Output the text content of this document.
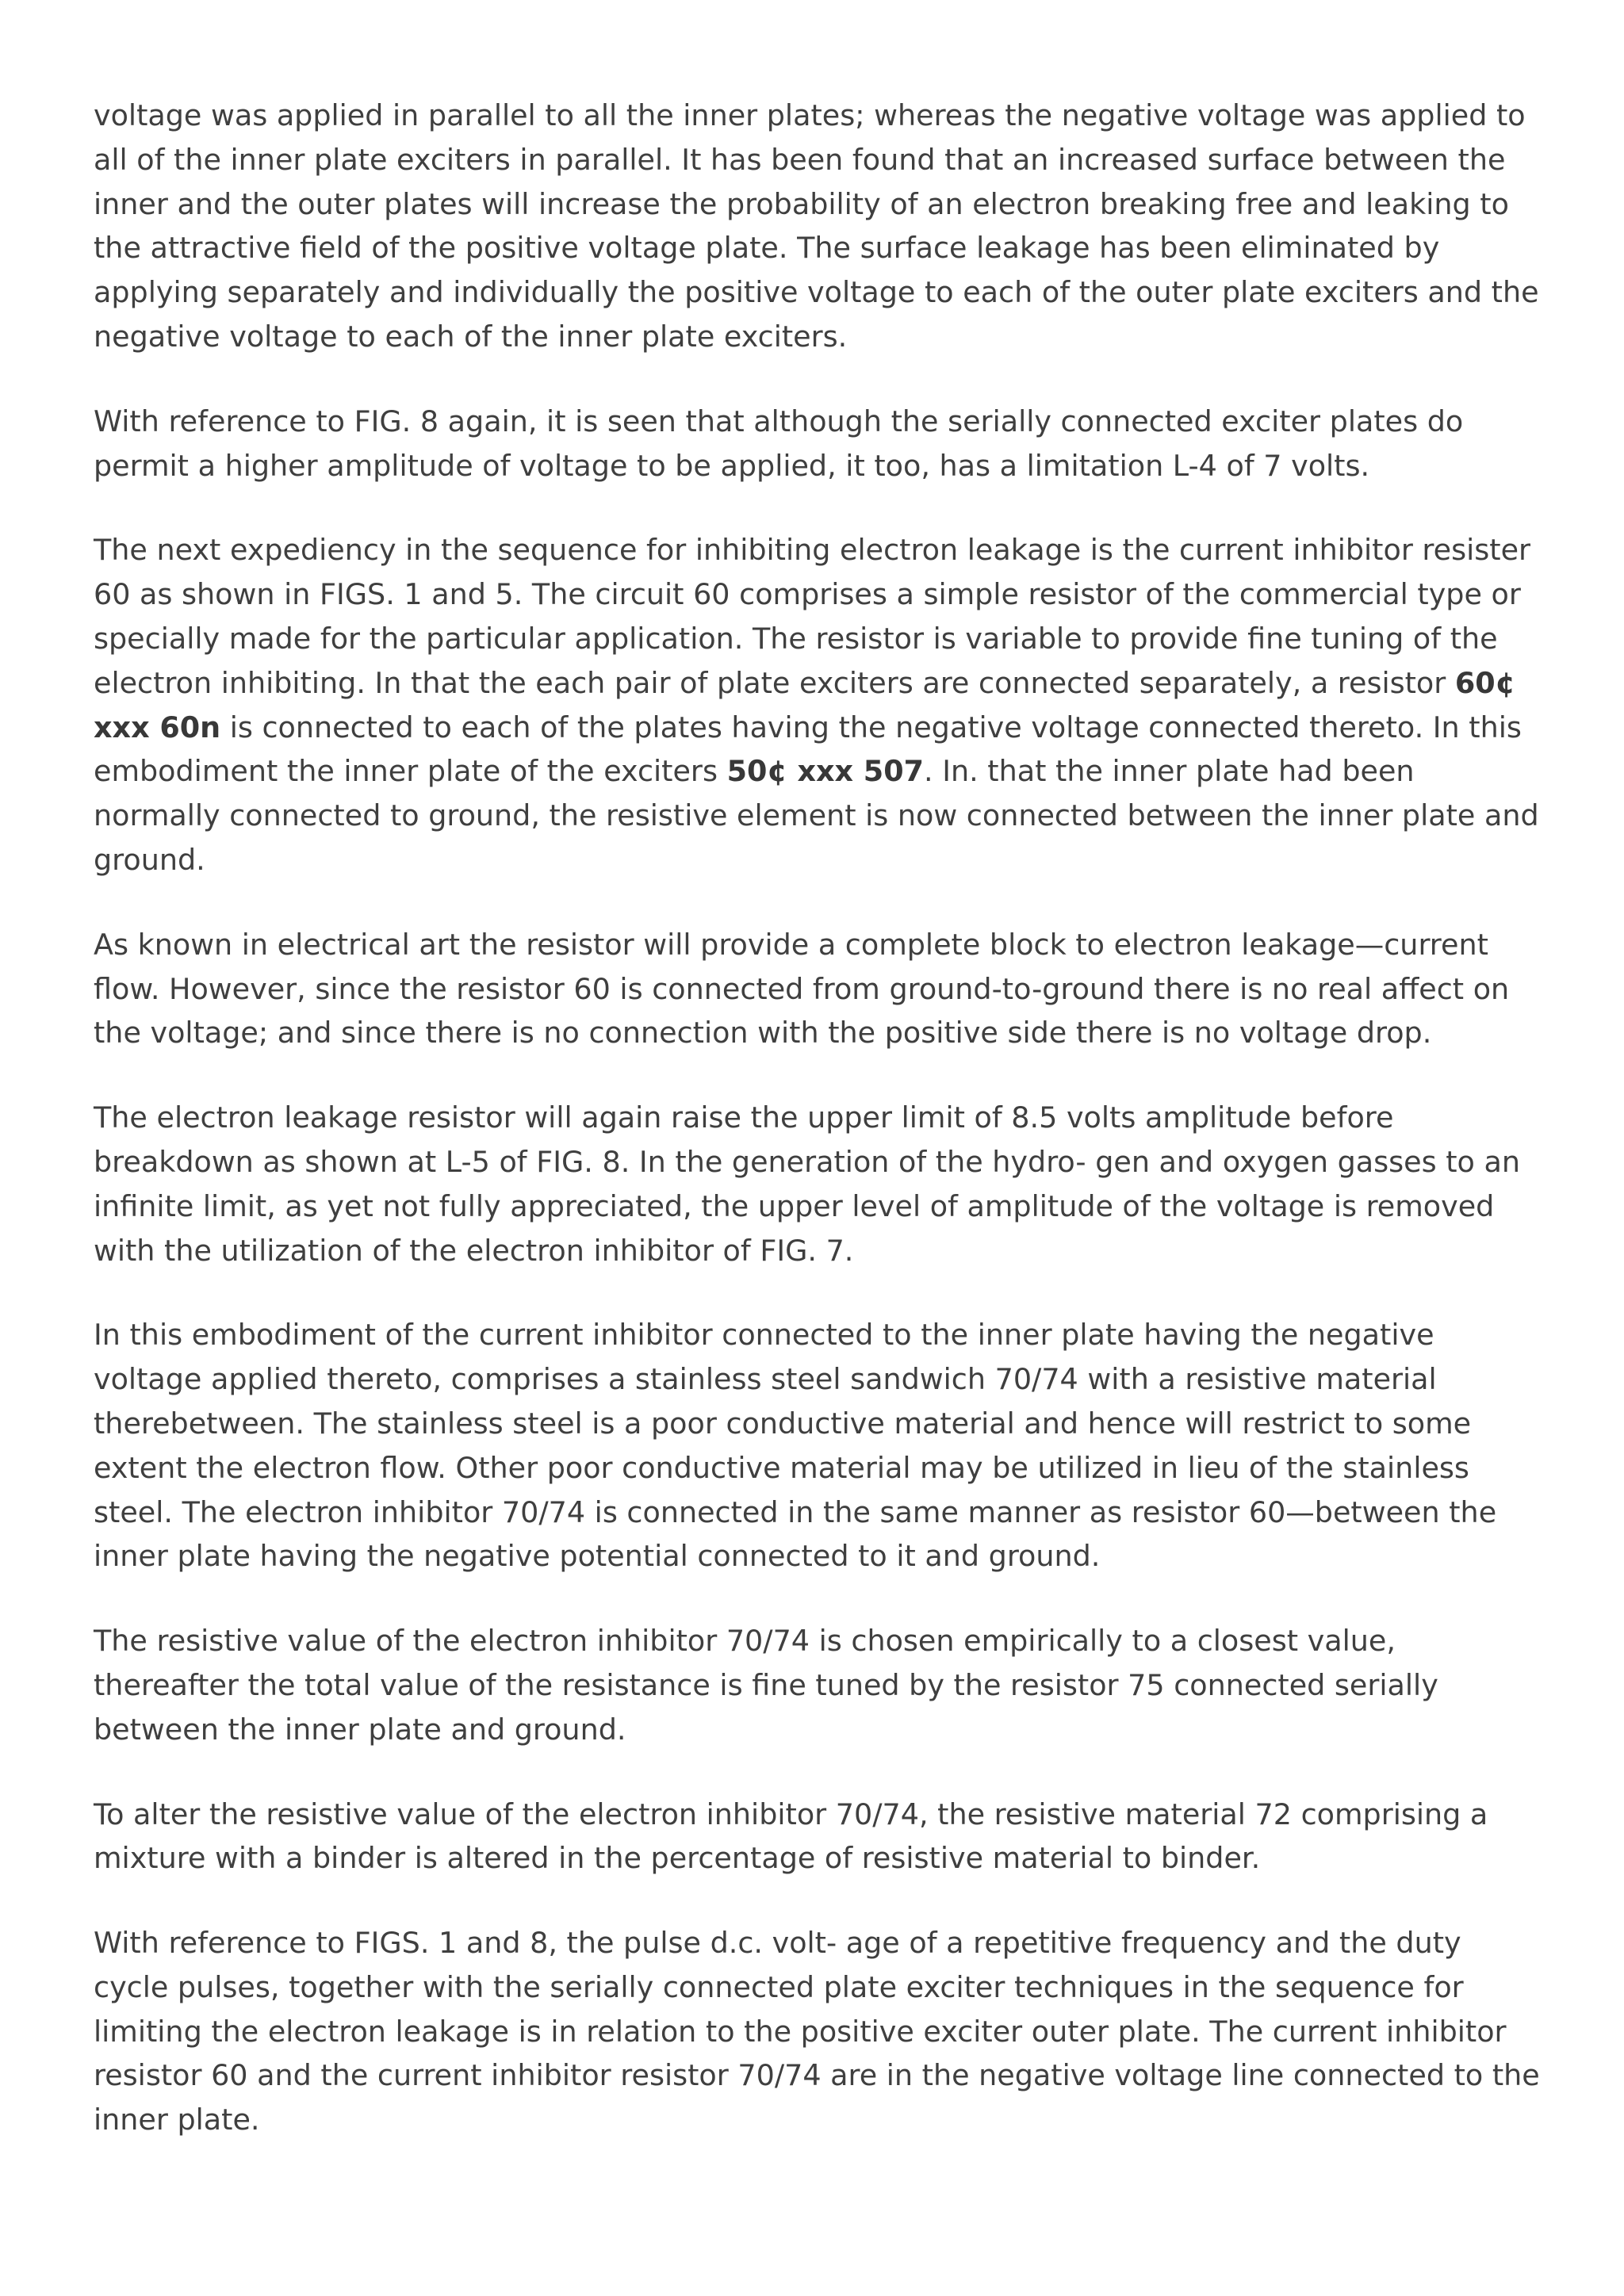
voltage was applied in parallel to all the inner plates; whereas the negative voltage was applied to all of the inner plate exciters in parallel. It has been found that an increased surface between the inner and the outer plates will increase the probability of an electron breaking free and leaking to the attractive field of the positive voltage plate. The surface leakage has been eliminated by applying separately and individually the positive voltage to each of the outer plate exciters and the negative voltage to each of the inner plate exciters.

With reference to FIG. 8 again, it is seen that although the serially connected exciter plates do permit a higher amplitude of voltage to be applied, it too, has a limitation L-4 of 7 volts.

The next expediency in the sequence for inhibiting electron leakage is the current inhibitor resister 60 as shown in FIGS. 1 and 5. The circuit 60 comprises a simple resistor of the commercial type or specially made for the particular application. The resistor is variable to provide fine tuning of the electron inhibiting. In that the each pair of plate exciters are connected separately, a resistor 60¢ xxx 60n is connected to each of the plates having the negative voltage connected thereto. In this embodiment the inner plate of the exciters 50¢ xxx 507. In. that the inner plate had been normally connected to ground, the resistive element is now connected between the inner plate and ground.

As known in electrical art the resistor will provide a complete block to electron leakage—current flow. However, since the resistor 60 is connected from ground-to-ground there is no real affect on the voltage; and since there is no connection with the positive side there is no voltage drop.

The electron leakage resistor will again raise the upper limit of 8.5 volts amplitude before breakdown as shown at L-5 of FIG. 8. In the generation of the hydro- gen and oxygen gasses to an infinite limit, as yet not fully appreciated, the upper level of amplitude of the voltage is removed with the utilization of the electron inhibitor of FIG. 7.

In this embodiment of the current inhibitor connected to the inner plate having the negative voltage applied thereto, comprises a stainless steel sandwich 70/74 with a resistive material therebetween. The stainless steel is a poor conductive material and hence will restrict to some extent the electron flow. Other poor conductive material may be utilized in lieu of the stainless steel. The electron inhibitor 70/74 is connected in the same manner as resistor 60—between the inner plate having the negative potential connected to it and ground.

The resistive value of the electron inhibitor 70/74 is chosen empirically to a closest value, thereafter the total value of the resistance is fine tuned by the resistor 75 connected serially between the inner plate and ground.

To alter the resistive value of the electron inhibitor 70/74, the resistive material 72 comprising a mixture with a binder is altered in the percentage of resistive material to binder.

With reference to FIGS. 1 and 8, the pulse d.c. volt- age of a repetitive frequency and the duty cycle pulses, together with the serially connected plate exciter techniques in the sequence for limiting the electron leakage is in relation to the positive exciter outer plate. The current inhibitor resistor 60 and the current inhibitor resistor 70/74 are in the negative voltage line connected to the inner plate.
